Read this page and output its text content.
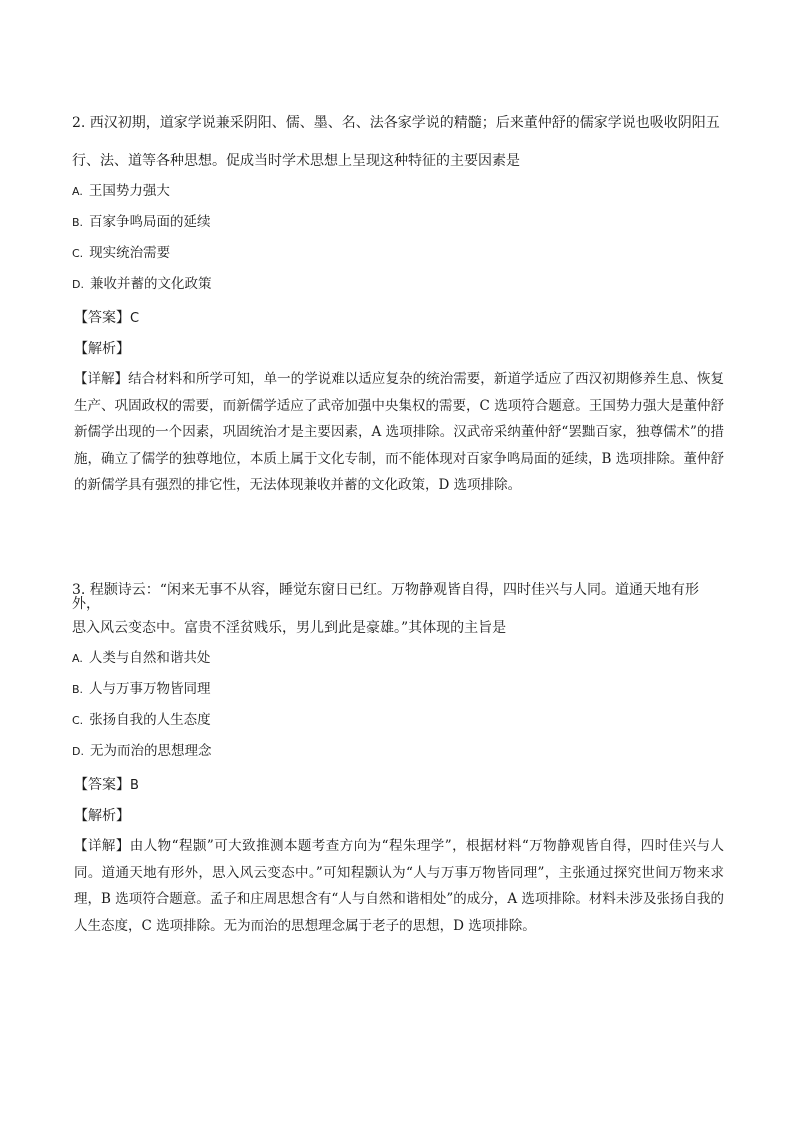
2. 西汉初期，道家学说兼采阴阳、儒、墨、名、法各家学说的精髓；后来董仲舒的儒家学说也吸收阴阳五
行、法、道等各种思想。促成当时学术思想上呈现这种特征的主要因素是

A. 王国势力强大

B. 百家争鸣局面的延续

C. 现实统治需要

D. 兼收并蓄的文化政策

【答案】C

【解析】

【详解】结合材料和所学可知，单一的学说难以适应复杂的统治需要，新道学适应了西汉初期修养生息、恢复生产、巩固政权的需要，而新儒学适应了武帝加强中央集权的需要，C 选项符合题意。王国势力强大是董仲舒新儒学出现的一个因素，巩固统治才是主要因素，A 选项排除。汉武帝采纳董仲舒“罢黜百家，独尊儒术”的措施，确立了儒学的独尊地位，本质上属于文化专制，而不能体现对百家争鸣局面的延续，B 选项排除。董仲舒的新儒学具有强烈的排它性，无法体现兼收并蓄的文化政策，D 选项排除。

3. 程颢诗云：“闲来无事不从容，睡觉东窗日已红。万物静观皆自得，四时佳兴与人同。道通天地有形外，
思入风云变态中。富贵不淫贫贱乐，男儿到此是豪雄。”其体现的主旨是

A. 人类与自然和谐共处

B. 人与万事万物皆同理

C. 张扬自我的人生态度

D. 无为而治的思想理念

【答案】B

【解析】

【详解】由人物“程颢”可大致推测本题考查方向为“程朱理学”，根据材料“万物静观皆自得，四时佳兴与人同。道通天地有形外，思入风云变态中。”可知程颢认为“人与万事万物皆同理”，主张通过探究世间万物来求理，B 选项符合题意。孟子和庄周思想含有“人与自然和谐相处”的成分，A 选项排除。材料未涉及张扬自我的人生态度，C 选项排除。无为而治的思想理念属于老子的思想，D 选项排除。
